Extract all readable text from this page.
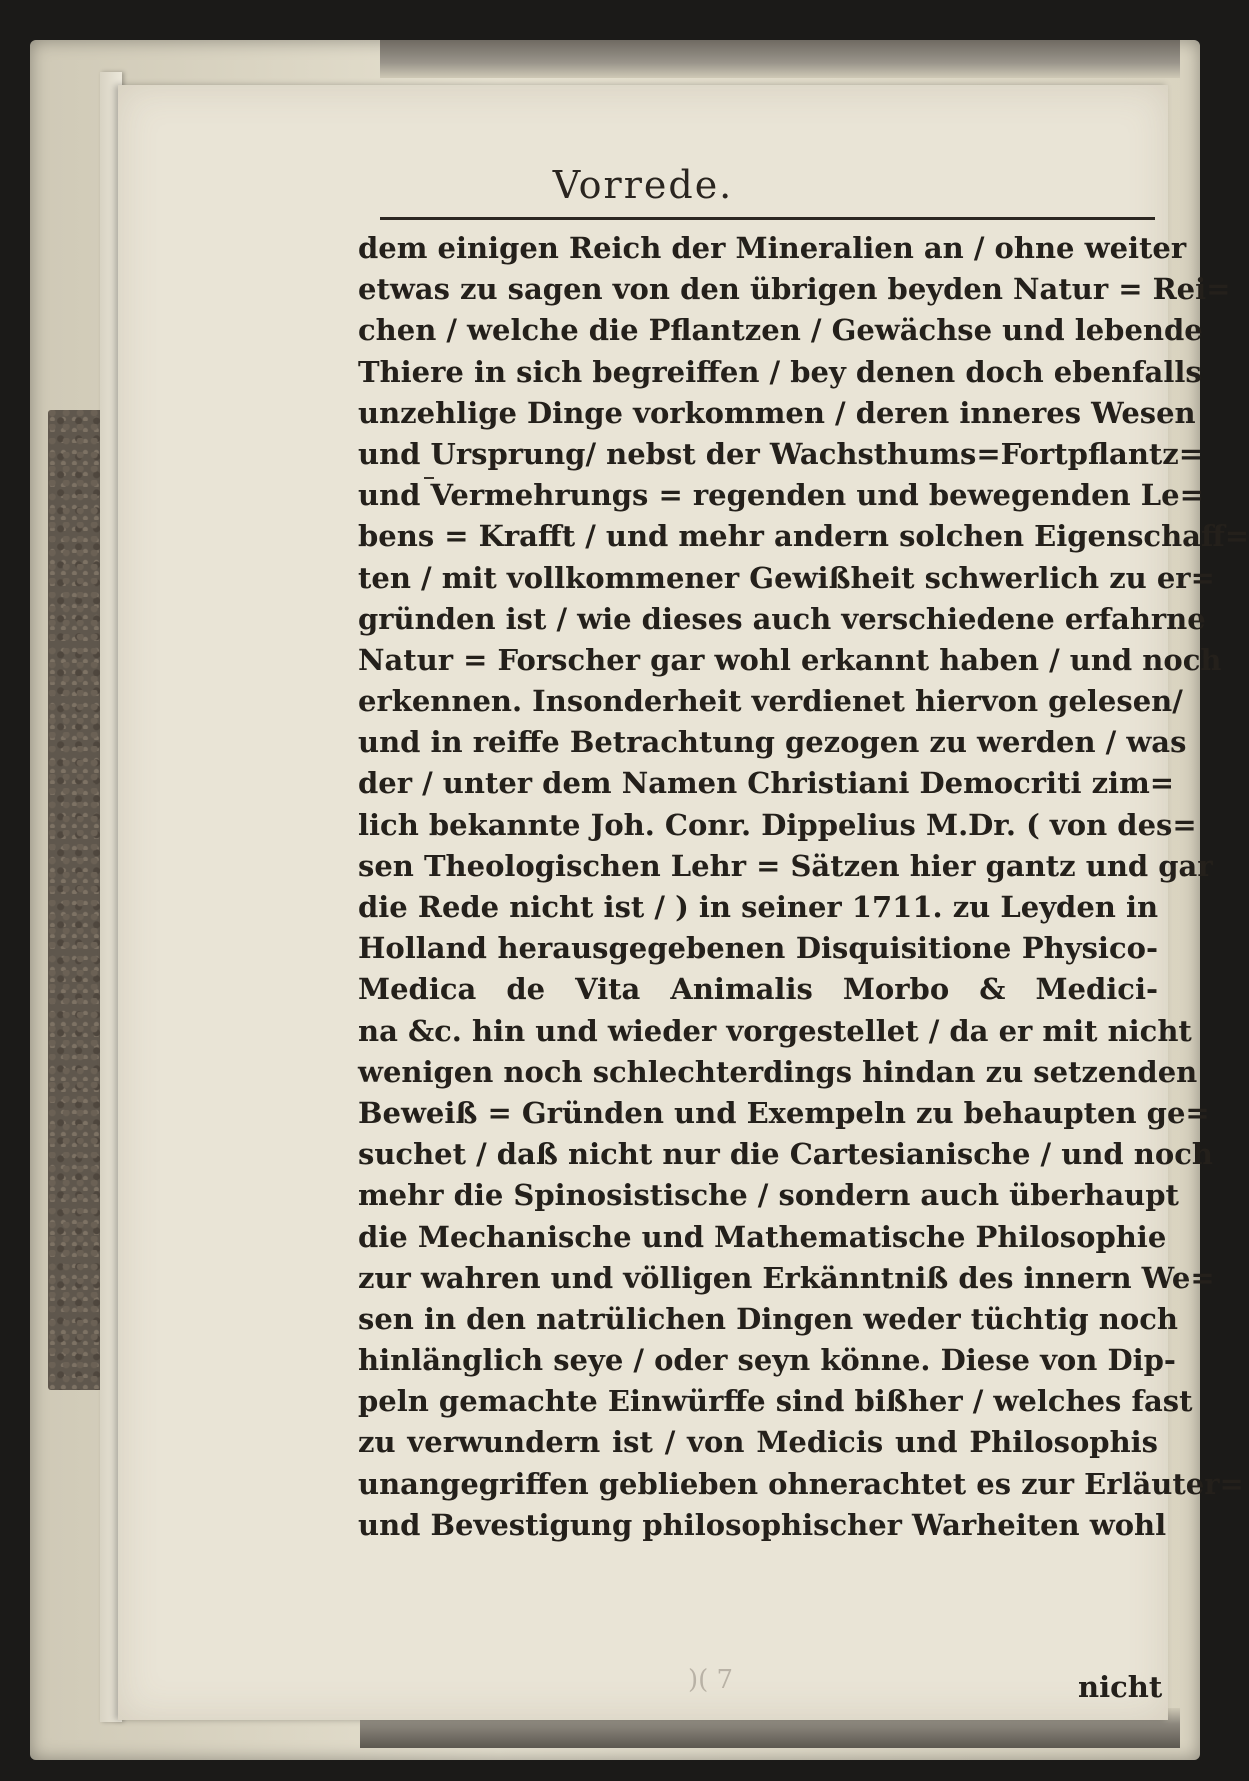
Vorrede.
dem einigen Reich der Mineralien an / ohne weiter
etwas zu sagen von den übrigen beyden Natur = Rei=
chen / welche die Pflantzen / Gewächse und lebende
Thiere in sich begreiffen / bey denen doch ebenfalls
unzehlige Dinge vorkommen / deren inneres Wesen
und Ursprung/ nebst der Wachsthums=Fortpflantz=
und Vermehrungs = regenden und bewegenden Le=
bens = Krafft / und mehr andern solchen Eigenschaff=
ten / mit vollkommener Gewißheit schwerlich zu er=
gründen ist / wie dieses auch verschiedene erfahrne
Natur = Forscher gar wohl erkannt haben / und noch
erkennen. Insonderheit verdienet hiervon gelesen/
und in reiffe Betrachtung gezogen zu werden / was
der / unter dem Namen Christiani Democriti zim=
lich bekannte Joh. Conr. Dippelius M.Dr. ( von des=
sen Theologischen Lehr = Sätzen hier gantz und gar
die Rede nicht ist / ) in seiner 1711. zu Leyden in
Holland herausgegebenen Disquisitione Physico-
Medica de Vita Animalis Morbo & Medici-
na &c. hin und wieder vorgestellet / da er mit nicht
wenigen noch schlechterdings hindan zu setzenden
Beweiß = Gründen und Exempeln zu behaupten ge=
suchet / daß nicht nur die Cartesianische / und noch
mehr die Spinosistische / sondern auch überhaupt
die Mechanische und Mathematische Philosophie
zur wahren und völligen Erkänntniß des innern We=
sen in den natrülichen Dingen weder tüchtig noch
hinlänglich seye / oder seyn könne. Diese von Dip-
peln gemachte Einwürffe sind bißher / welches fast
zu verwundern ist / von Medicis und Philosophis
unangegriffen geblieben ohnerachtet es zur Erläuter=
und Bevestigung philosophischer Warheiten wohl

)( 7	nicht
